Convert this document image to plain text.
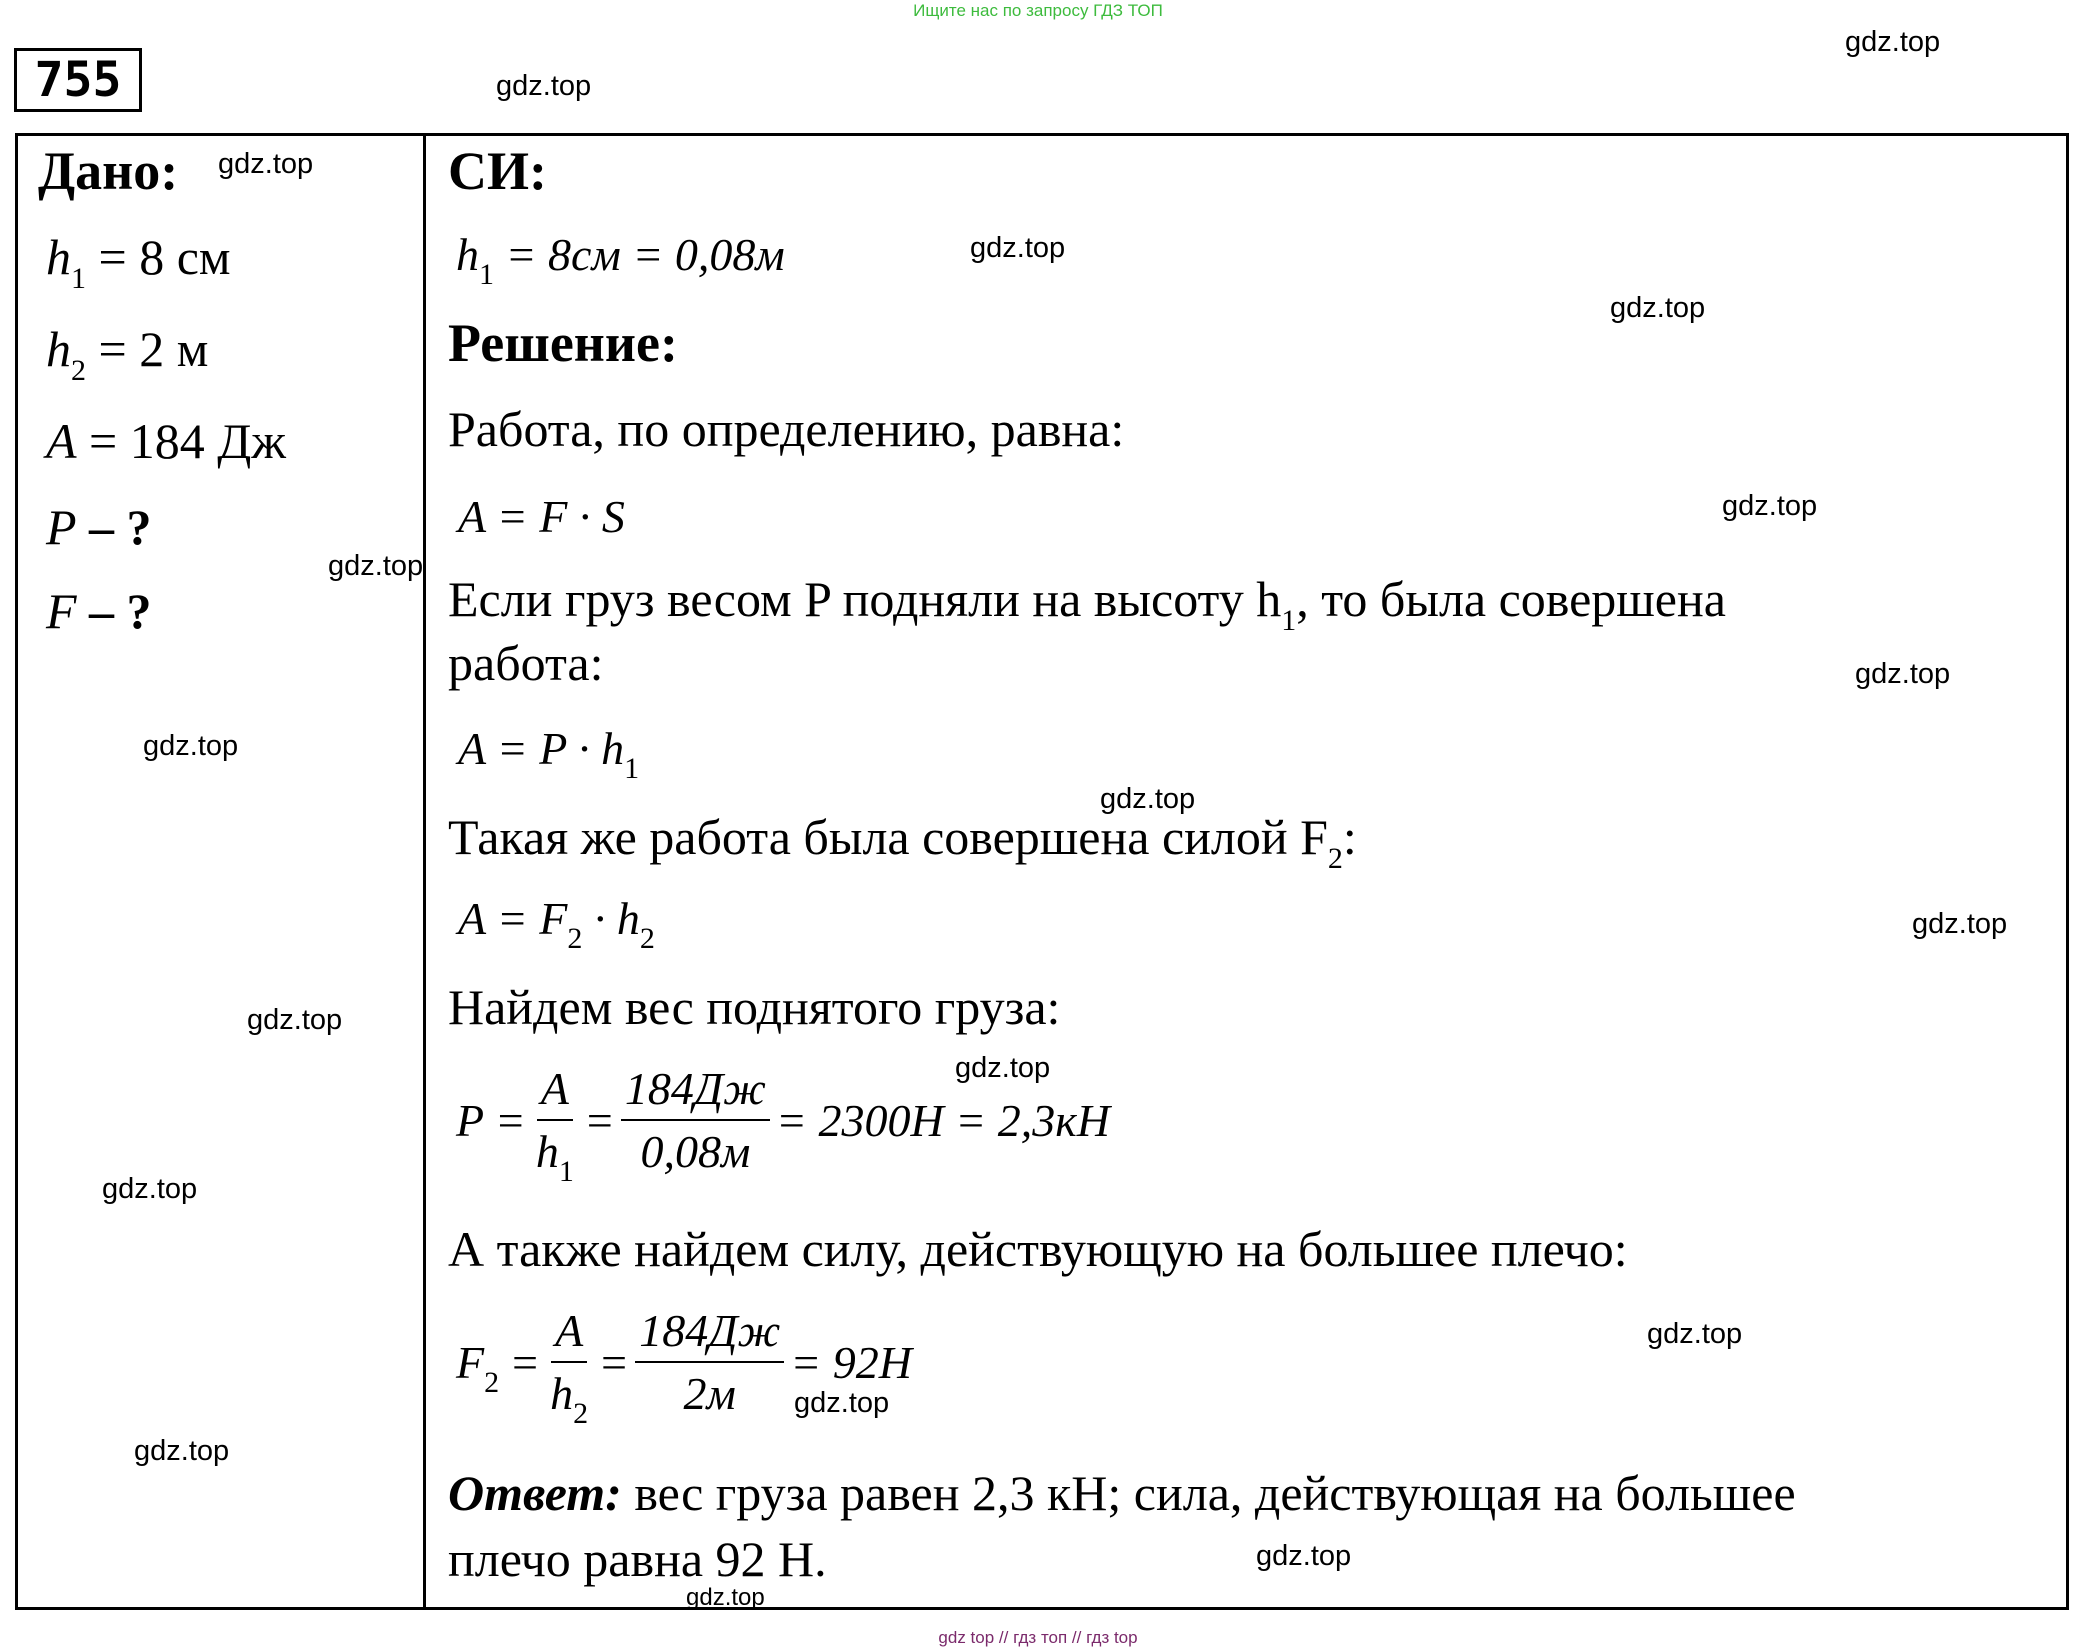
Ищите нас по запросу ГДЗ ТОП
755
Дано:
$h_1 = 8$ см
$h_2 = 2$ м
A = 184 Дж
P – ?
F – ?
СИ:
$h_1 = 8см = 0,08м$
Решение:
Работа, по определению, равна:
A = F · S
Если груз весом P подняли на высоту $h_1$, то была совершена
работа:
$A = P \cdot h_1$
Такая же работа была совершена силой $F_2$:
$A = F_2 \cdot h_2$
Найдем вес поднятого груза:
$P = \frac{A}{h_1} = \frac{184Дж}{0,08м} = 2300Н = 2,3кН$
А также найдем силу, действующую на большее плечо:
$F_2 = \frac{A}{h_2} = \frac{184Дж}{2м} = 92Н$
Ответ: вес груза равен 2,3 кН; сила, действующая на большее
плечо равна 92 Н.
gdz.top
gdz.top
gdz.top
gdz.top
gdz.top
gdz.top
gdz.top
gdz.top
gdz.top
gdz.top
gdz.top
gdz.top
gdz.top
gdz.top
gdz.top
gdz.top
gdz.top
gdz.top
gdz.top
gdz top // гдз топ // гдз top
